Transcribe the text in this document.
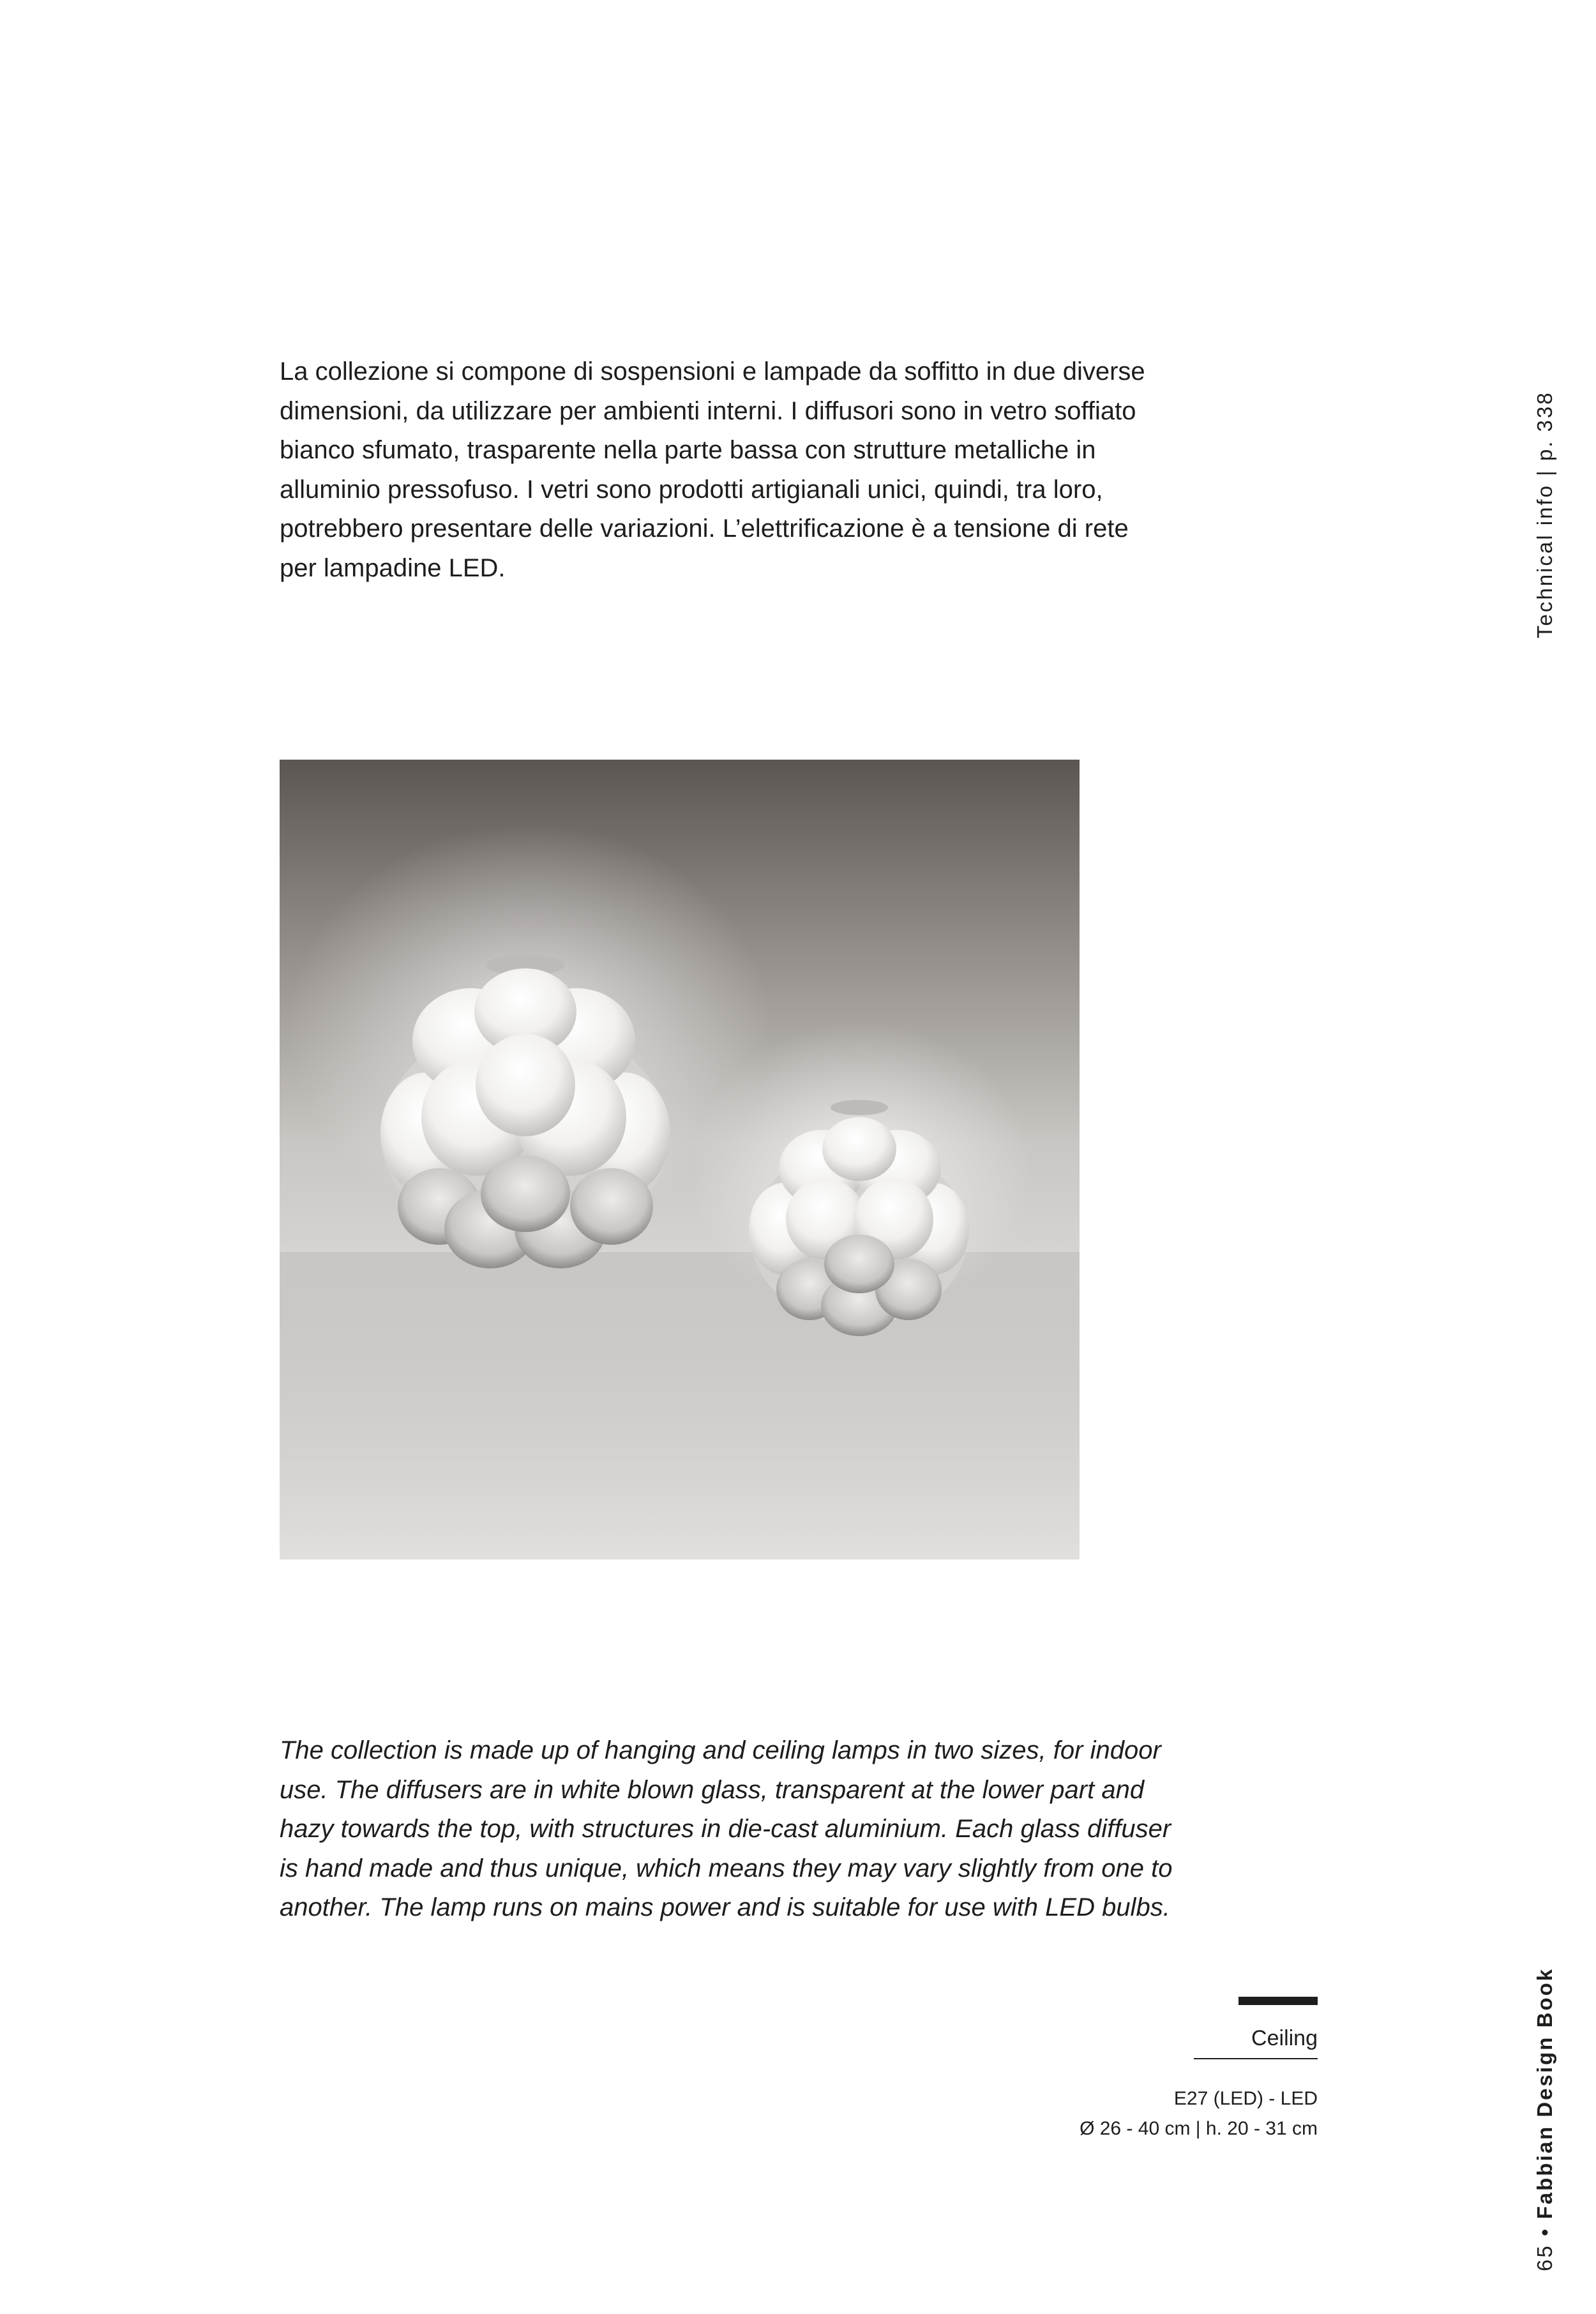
La collezione si compone di sospensioni e lampade da soffitto in due diverse dimensioni, da utilizzare per ambienti interni. I diffusori sono in vetro soffiato bianco sfumato, trasparente nella parte bassa con strutture metalliche in alluminio pressofuso. I vetri sono prodotti artigianali unici, quindi, tra loro, potrebbero presentare delle variazioni. L’elettrificazione è a tensione di rete per lampadine LED.

The collection is made up of hanging and ceiling lamps in two sizes, for indoor use. The diffusers are in white blown glass, transparent at the lower part and hazy towards the top, with structures in die-cast aluminium. Each glass diffuser is hand made and thus unique, which means they may vary slightly from one to another. The lamp runs on mains power and is suitable for use with LED bulbs.

Ceiling
E27 (LED) - LED
Ø 26 - 40 cm | h. 20 - 31 cm
Technical info | p. 338
65 • Fabbian Design Book
